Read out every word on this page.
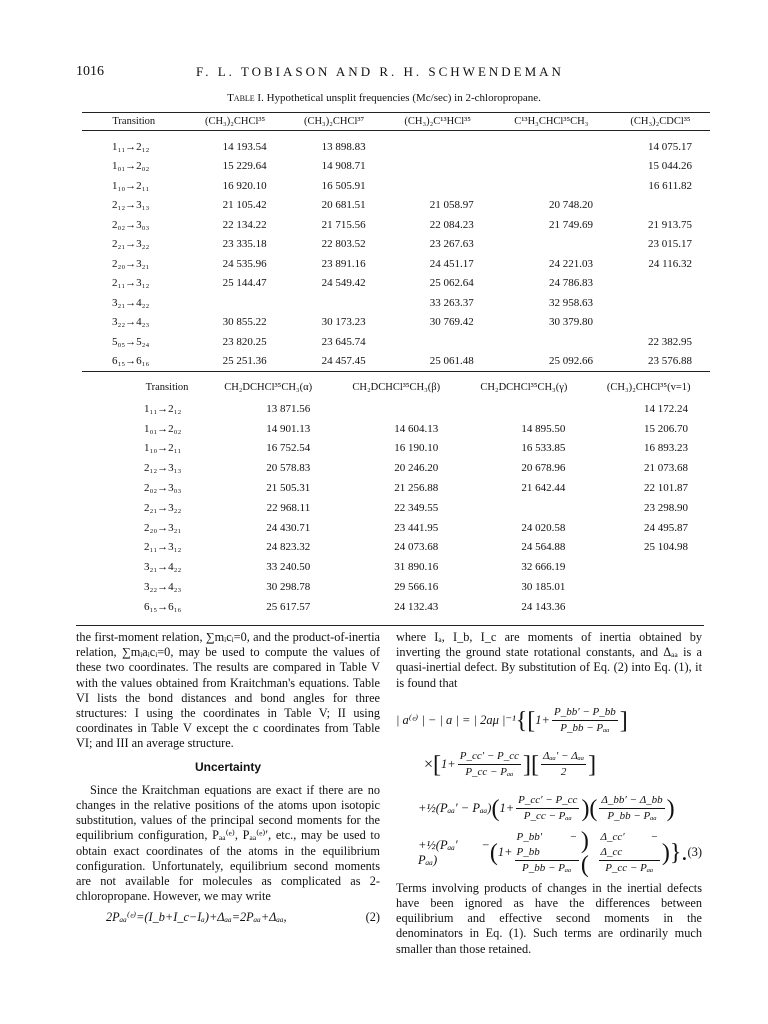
1016	F. L. TOBIASON AND R. H. SCHWENDEMAN
Table I. Hypothetical unsplit frequencies (Mc/sec) in 2-chloropropane.
Transition	(CH₃)₂CHCl³⁵	(CH₃)₂CHCl³⁷	(CH₃)₂C¹³HCl³⁵	C¹³H₃CHCl³⁵CH₃	(CH₃)₂CDCl³⁵
1₁₁→2₁₂	14 193.54	13 898.83			14 075.17
1₀₁→2₀₂	15 229.64	14 908.71			15 044.26
1₁₀→2₁₁	16 920.10	16 505.91			16 611.82
2₁₂→3₁₃	21 105.42	20 681.51	21 058.97	20 748.20	
2₀₂→3₀₃	22 134.22	21 715.56	22 084.23	21 749.69	21 913.75
2₂₁→3₂₂	23 335.18	22 803.52	23 267.63		23 015.17
2₂₀→3₂₁	24 535.96	23 891.16	24 451.17	24 221.03	24 116.32
2₁₁→3₁₂	25 144.47	24 549.42	25 062.64	24 786.83	
3₂₁→4₂₂			33 263.37	32 958.63	
3₂₂→4₂₃	30 855.22	30 173.23	30 769.42	30 379.80	
5₀₅→5₂₄	23 820.25	23 645.74			22 382.95
6₁₅→6₁₆	25 251.36	24 457.45	25 061.48	25 092.66	23 576.88
Transition	CH₂DCHCl³⁵CH₃(α)	CH₂DCHCl³⁵CH₃(β)	CH₂DCHCl³⁵CH₃(γ)	(CH₃)₂CHCl³⁵(v=1)
1₁₁→2₁₂	13 871.56			14 172.24
1₀₁→2₀₂	14 901.13	14 604.13	14 895.50	15 206.70
1₁₀→2₁₁	16 752.54	16 190.10	16 533.85	16 893.23
2₁₂→3₁₃	20 578.83	20 246.20	20 678.96	21 073.68
2₀₂→3₀₃	21 505.31	21 256.88	21 642.44	22 101.87
2₂₁→3₂₂	22 968.11	22 349.55		23 298.90
2₂₀→3₂₁	24 430.71	23 441.95	24 020.58	24 495.87
2₁₁→3₁₂	24 823.32	24 073.68	24 564.88	25 104.98
3₂₁→4₂₂	33 240.50	31 890.16	32 666.19	
3₂₂→4₂₃	30 298.78	29 566.16	30 185.01	
6₁₅→6₁₆	25 617.57	24 132.43	24 143.36	

the first-moment relation, ∑mᵢcᵢ=0, and the product-of-inertia relation, ∑mᵢaᵢcᵢ=0, may be used to compute the values of these two coordinates. The results are compared in Table V with the values obtained from Kraitchman's equations. Table VI lists the bond distances and bond angles for three structures: I using the coordinates in Table V; II using coordinates in Table V except the c coordinates from Table VI; and III an average structure.

Uncertainty

Since the Kraitchman equations are exact if there are no changes in the relative positions of the atoms upon isotopic substitution, values of the principal second moments for the equilibrium configuration, Pₐₐ⁽ᵉ⁾, Pₐₐ⁽ᵉ⁾′, etc., may be used to obtain exact coordinates of the atoms in the equilibrium configuration. Unfortunately, equilibrium second moments are not available for molecules as complicated as 2-chloropropane. However, we may write

2Pₐₐ⁽ᵉ⁾=(I_b+I_c−Iₐ)+Δₐₐ=2Pₐₐ+Δₐₐ,	(2)

where Iₐ, I_b, I_c are moments of inertia obtained by inverting the ground state rotational constants, and Δₐₐ is a quasi-inertial defect. By substitution of Eq. (2) into Eq. (1), it is found that

| a⁽ᵉ⁾ | − | a | = | 2aμ |⁻¹ {[ $1+ \frac{P\_bb' - P\_bb}{\text{P\_bb − Pₐₐ}}$ ]
× [ $1+ \frac{P\_cc' - P\_cc}{\text{P\_cc − Pₐₐ}}$ ][ $\frac{\text{Δₐₐ′ − Δₐₐ}}{2}$ ]
+½(Pₐₐ′ − Pₐₐ) ( $1+ \frac{P\_cc' - P\_cc}{\text{P\_cc − Pₐₐ}}$ )( $\frac{\Delta\_bb' - \Delta\_bb}{\text{P\_bb − Pₐₐ}}$ )
+½(Pₐₐ′ − Pₐₐ)	( $1+ \frac{P\_bb' - P\_bb}{\text{P\_bb − Pₐₐ}}$ )( $\frac{\Delta\_cc' - \Delta\_cc}{\text{P\_cc − Pₐₐ}}$ )}. (3)

Terms involving products of changes in the inertial defects have been ignored as have the differences between equilibrium and effective second moments in the denominators in Eq. (1). Such terms are ordinarily much smaller than those retained.
